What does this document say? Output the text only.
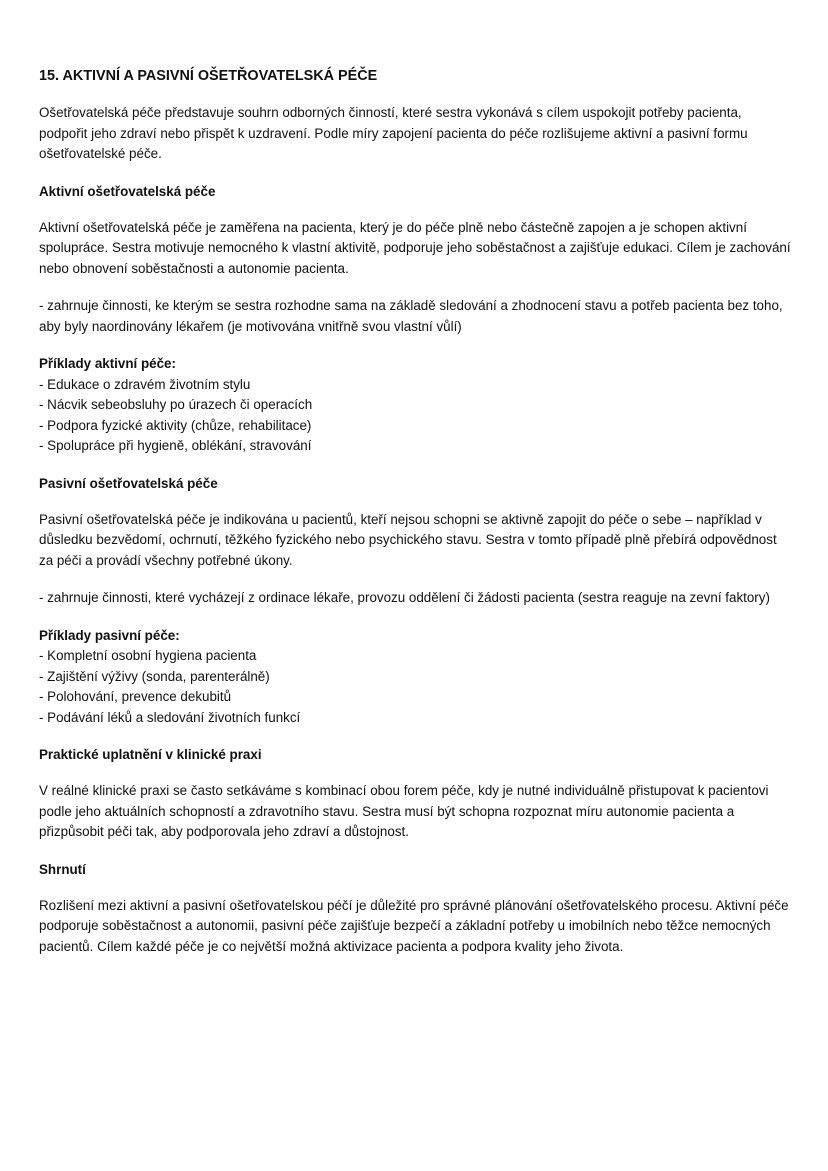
15. AKTIVNÍ A PASIVNÍ OŠETŘOVATELSKÁ PÉČE

Ošetřovatelská péče představuje souhrn odborných činností, které sestra vykonává s cílem uspokojit potřeby pacienta, podpořit jeho zdraví nebo přispět k uzdravení. Podle míry zapojení pacienta do péče rozlišujeme aktivní a pasivní formu ošetřovatelské péče.

Aktivní ošetřovatelská péče

Aktivní ošetřovatelská péče je zaměřena na pacienta, který je do péče plně nebo částečně zapojen a je schopen aktivní spolupráce. Sestra motivuje nemocného k vlastní aktivitě, podporuje jeho soběstačnost a zajišťuje edukaci. Cílem je zachování nebo obnovení soběstačnosti a autonomie pacienta.

- zahrnuje činnosti, ke kterým se sestra rozhodne sama na základě sledování a zhodnocení stavu a potřeb pacienta bez toho, aby byly naordinovány lékařem (je motivována vnitřně svou vlastní vůlí)

Příklady aktivní péče:
- Edukace o zdravém životním stylu
- Nácvik sebeobsluhy po úrazech či operacích
- Podpora fyzické aktivity (chůze, rehabilitace)
- Spolupráce při hygieně, oblékání, stravování
Pasivní ošetřovatelská péče

Pasivní ošetřovatelská péče je indikována u pacientů, kteří nejsou schopni se aktivně zapojit do péče o sebe – například v důsledku bezvědomí, ochrnutí, těžkého fyzického nebo psychického stavu. Sestra v tomto případě plně přebírá odpovědnost za péči a provádí všechny potřebné úkony.

- zahrnuje činnosti, které vycházejí z ordinace lékaře, provozu oddělení či žádosti pacienta (sestra reaguje na zevní faktory)

Příklady pasivní péče:
- Kompletní osobní hygiena pacienta
- Zajištění výživy (sonda, parenterálně)
- Polohování, prevence dekubitů
- Podávání léků a sledování životních funkcí
Praktické uplatnění v klinické praxi

V reálné klinické praxi se často setkáváme s kombinací obou forem péče, kdy je nutné individuálně přistupovat k pacientovi podle jeho aktuálních schopností a zdravotního stavu. Sestra musí být schopna rozpoznat míru autonomie pacienta a přizpůsobit péči tak, aby podporovala jeho zdraví a důstojnost.

Shrnutí

Rozlišení mezi aktivní a pasivní ošetřovatelskou péčí je důležité pro správné plánování ošetřovatelského procesu. Aktivní péče podporuje soběstačnost a autonomii, pasivní péče zajišťuje bezpečí a základní potřeby u imobilních nebo těžce nemocných pacientů. Cílem každé péče je co největší možná aktivizace pacienta a podpora kvality jeho života.
